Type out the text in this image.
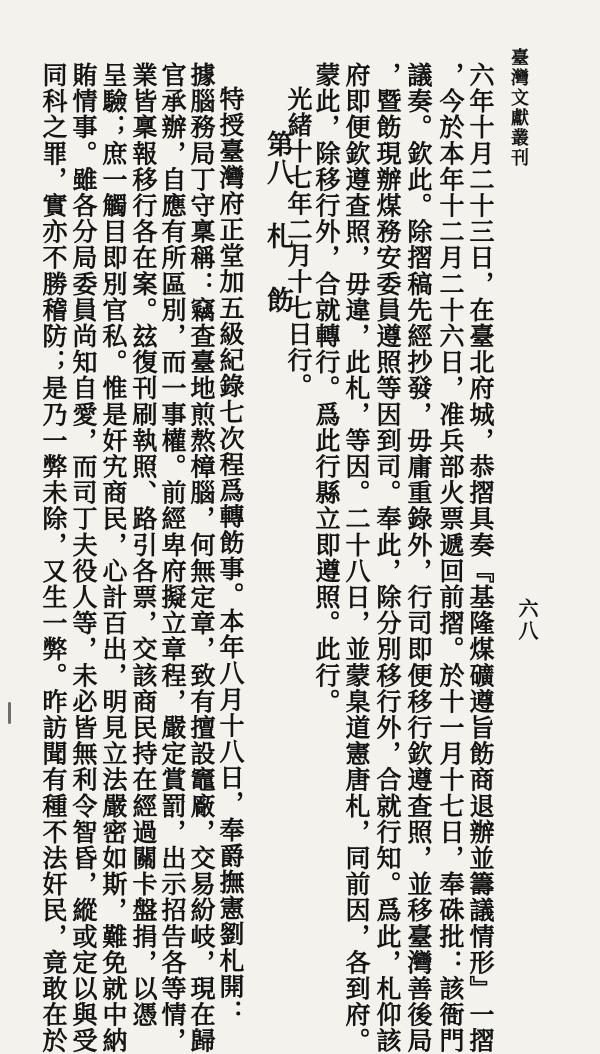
臺灣文獻叢刊
六八
六年十月二十三日，在臺北府城，恭摺具奏『基隆煤礦遵旨飭商退辦並籌議情形』一摺
，今於本年十二月二十六日，准兵部火票遞回前摺。於十一月十七日，奉硃批：該衙門
議奏。欽此。除摺稿先經抄發，毋庸重錄外，行司即便移行欽遵查照，並移臺灣善後局
，暨飭現辦煤務安委員遵照等因到司。奉此，除分別移行外，合就行知。爲此，札仰該
府即便欽遵查照，毋違，此札，等因。二十八日，並蒙臬道憲唐札，同前因，各到府。
蒙此，除移行外，合就轉行。爲此行縣立即遵照。此行。
光緒十七年二月十七日行。
第八札飭
特授臺灣府正堂加五級紀錄七次程爲轉飭事。本年八月十八日，奉爵撫憲劉札開：
據腦務局丁守稟稱：竊查臺地煎熬樟腦，何無定章，致有擅設竈廠，交易紛岐，現在歸
官承辦，自應有所區別，而一事權。前經卑府擬立章程，嚴定賞罰，出示招告各等情，
業皆稟報移行各在案。玆復刊刷執照、路引各票，交該商民持在經過關卡盤捐，以憑
呈驗；庶一觸目即別官私。惟是奸宄商民，心計百出，明見立法嚴密如斯，難免就中納
賄情事。雖各分局委員尚知自愛，而司丁夫役人等，未必皆無利令智昏，縱或定以與受
同科之罪，實亦不勝稽防；是乃一弊未除，又生一弊。昨訪聞有種不法奸民，竟敢在於
